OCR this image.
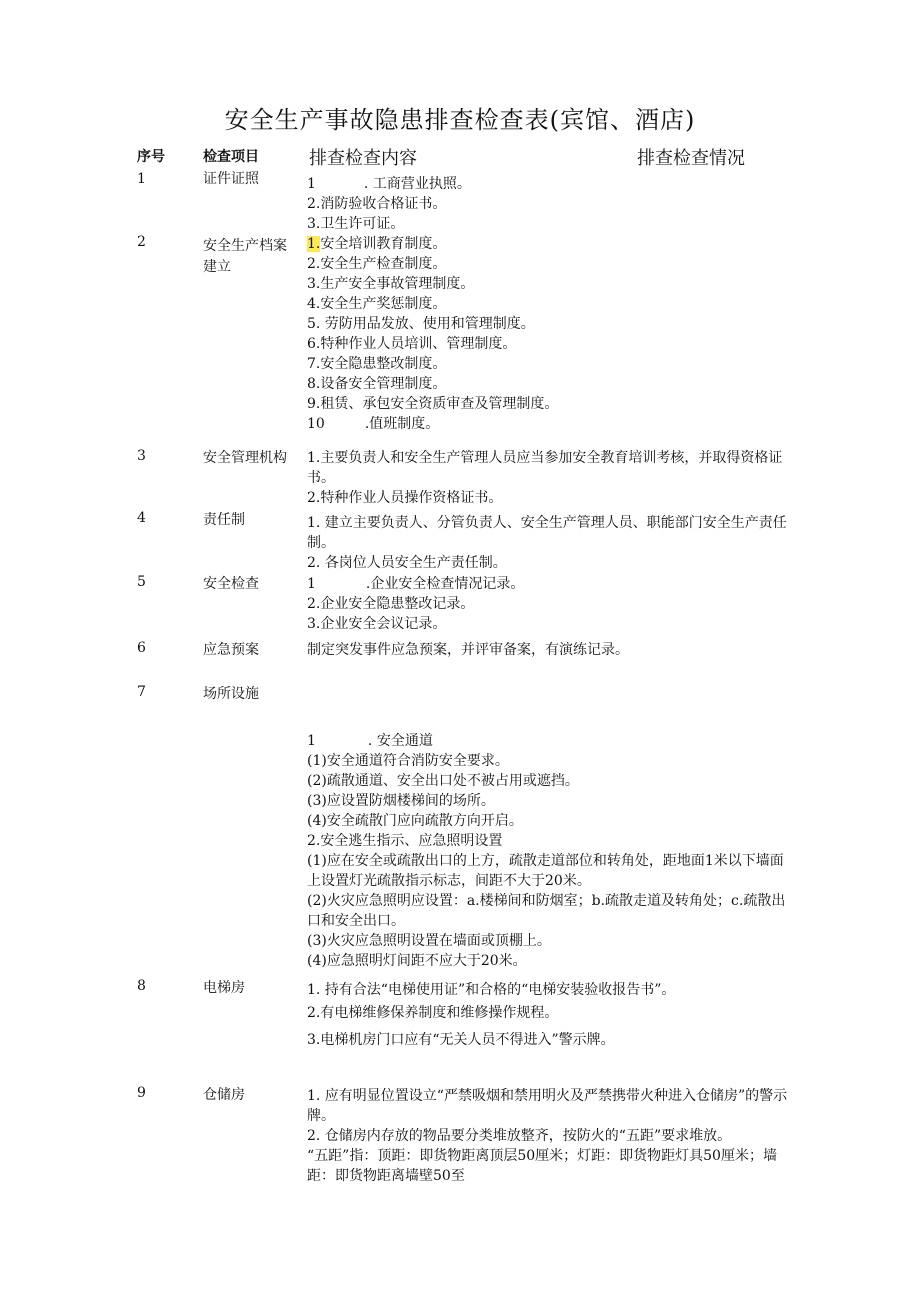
安全生产事故隐患排查检查表(宾馆、酒店)
序号	检查项目	排查检查内容	排查检查情况
1	证件证照	1	. 工商营业执照。
2.消防验收合格证书。
3.卫生许可证。
2	安全生产档案建立
1.安全培训教育制度。
2.安全生产检查制度。
3.生产安全事故管理制度。
4.安全生产奖惩制度。
5. 劳防用品发放、使用和管理制度。
6.特种作业人员培训、管理制度。
7.安全隐患整改制度。
8.设备安全管理制度。
9.租赁、承包安全资质审查及管理制度。
10	.值班制度。
3	安全管理机构	1.主要负责人和安全生产管理人员应当参加安全教育培训考核，并取得资格证书。
2.特种作业人员操作资格证书。
4	责任制	1. 建立主要负责人、分管负责人、安全生产管理人员、职能部门安全生产责任制。
2. 各岗位人员安全生产责任制。
5	安全检查	1	.企业安全检查情况记录。
2.企业安全隐患整改记录。
3.企业安全会议记录。
6	应急预案	制定突发事件应急预案，并评审备案，有演练记录。
7	场所设施
1	. 安全通道
(1)安全通道符合消防安全要求。
(2)疏散通道、安全出口处不被占用或遮挡。
(3)应设置防烟楼梯间的场所。
(4)安全疏散门应向疏散方向开启。
2.安全逃生指示、应急照明设置
(1)应在安全或疏散出口的上方，疏散走道部位和转角处，距地面1米以下墙面上设置灯光疏散指示标志，间距不大于20米。
(2)火灾应急照明应设置：a.楼梯间和防烟室；b.疏散走道及转角处；c.疏散出口和安全出口。
(3)火灾应急照明设置在墙面或顶棚上。
(4)应急照明灯间距不应大于20米。
8	电梯房	1. 持有合法“电梯使用证”和合格的“电梯安装验收报告书”。
2.有电梯维修保养制度和维修操作规程。
3.电梯机房门口应有“无关人员不得进入”警示牌。
9	仓储房	1. 应有明显位置设立“严禁吸烟和禁用明火及严禁携带火种进入仓储房”的警示牌。
2. 仓储房内存放的物品要分类堆放整齐，按防火的“五距”要求堆放。
“五距”指：顶距：即货物距离顶层50厘米；灯距：即货物距灯具50厘米；墙距：即货物距离墙壁50至
